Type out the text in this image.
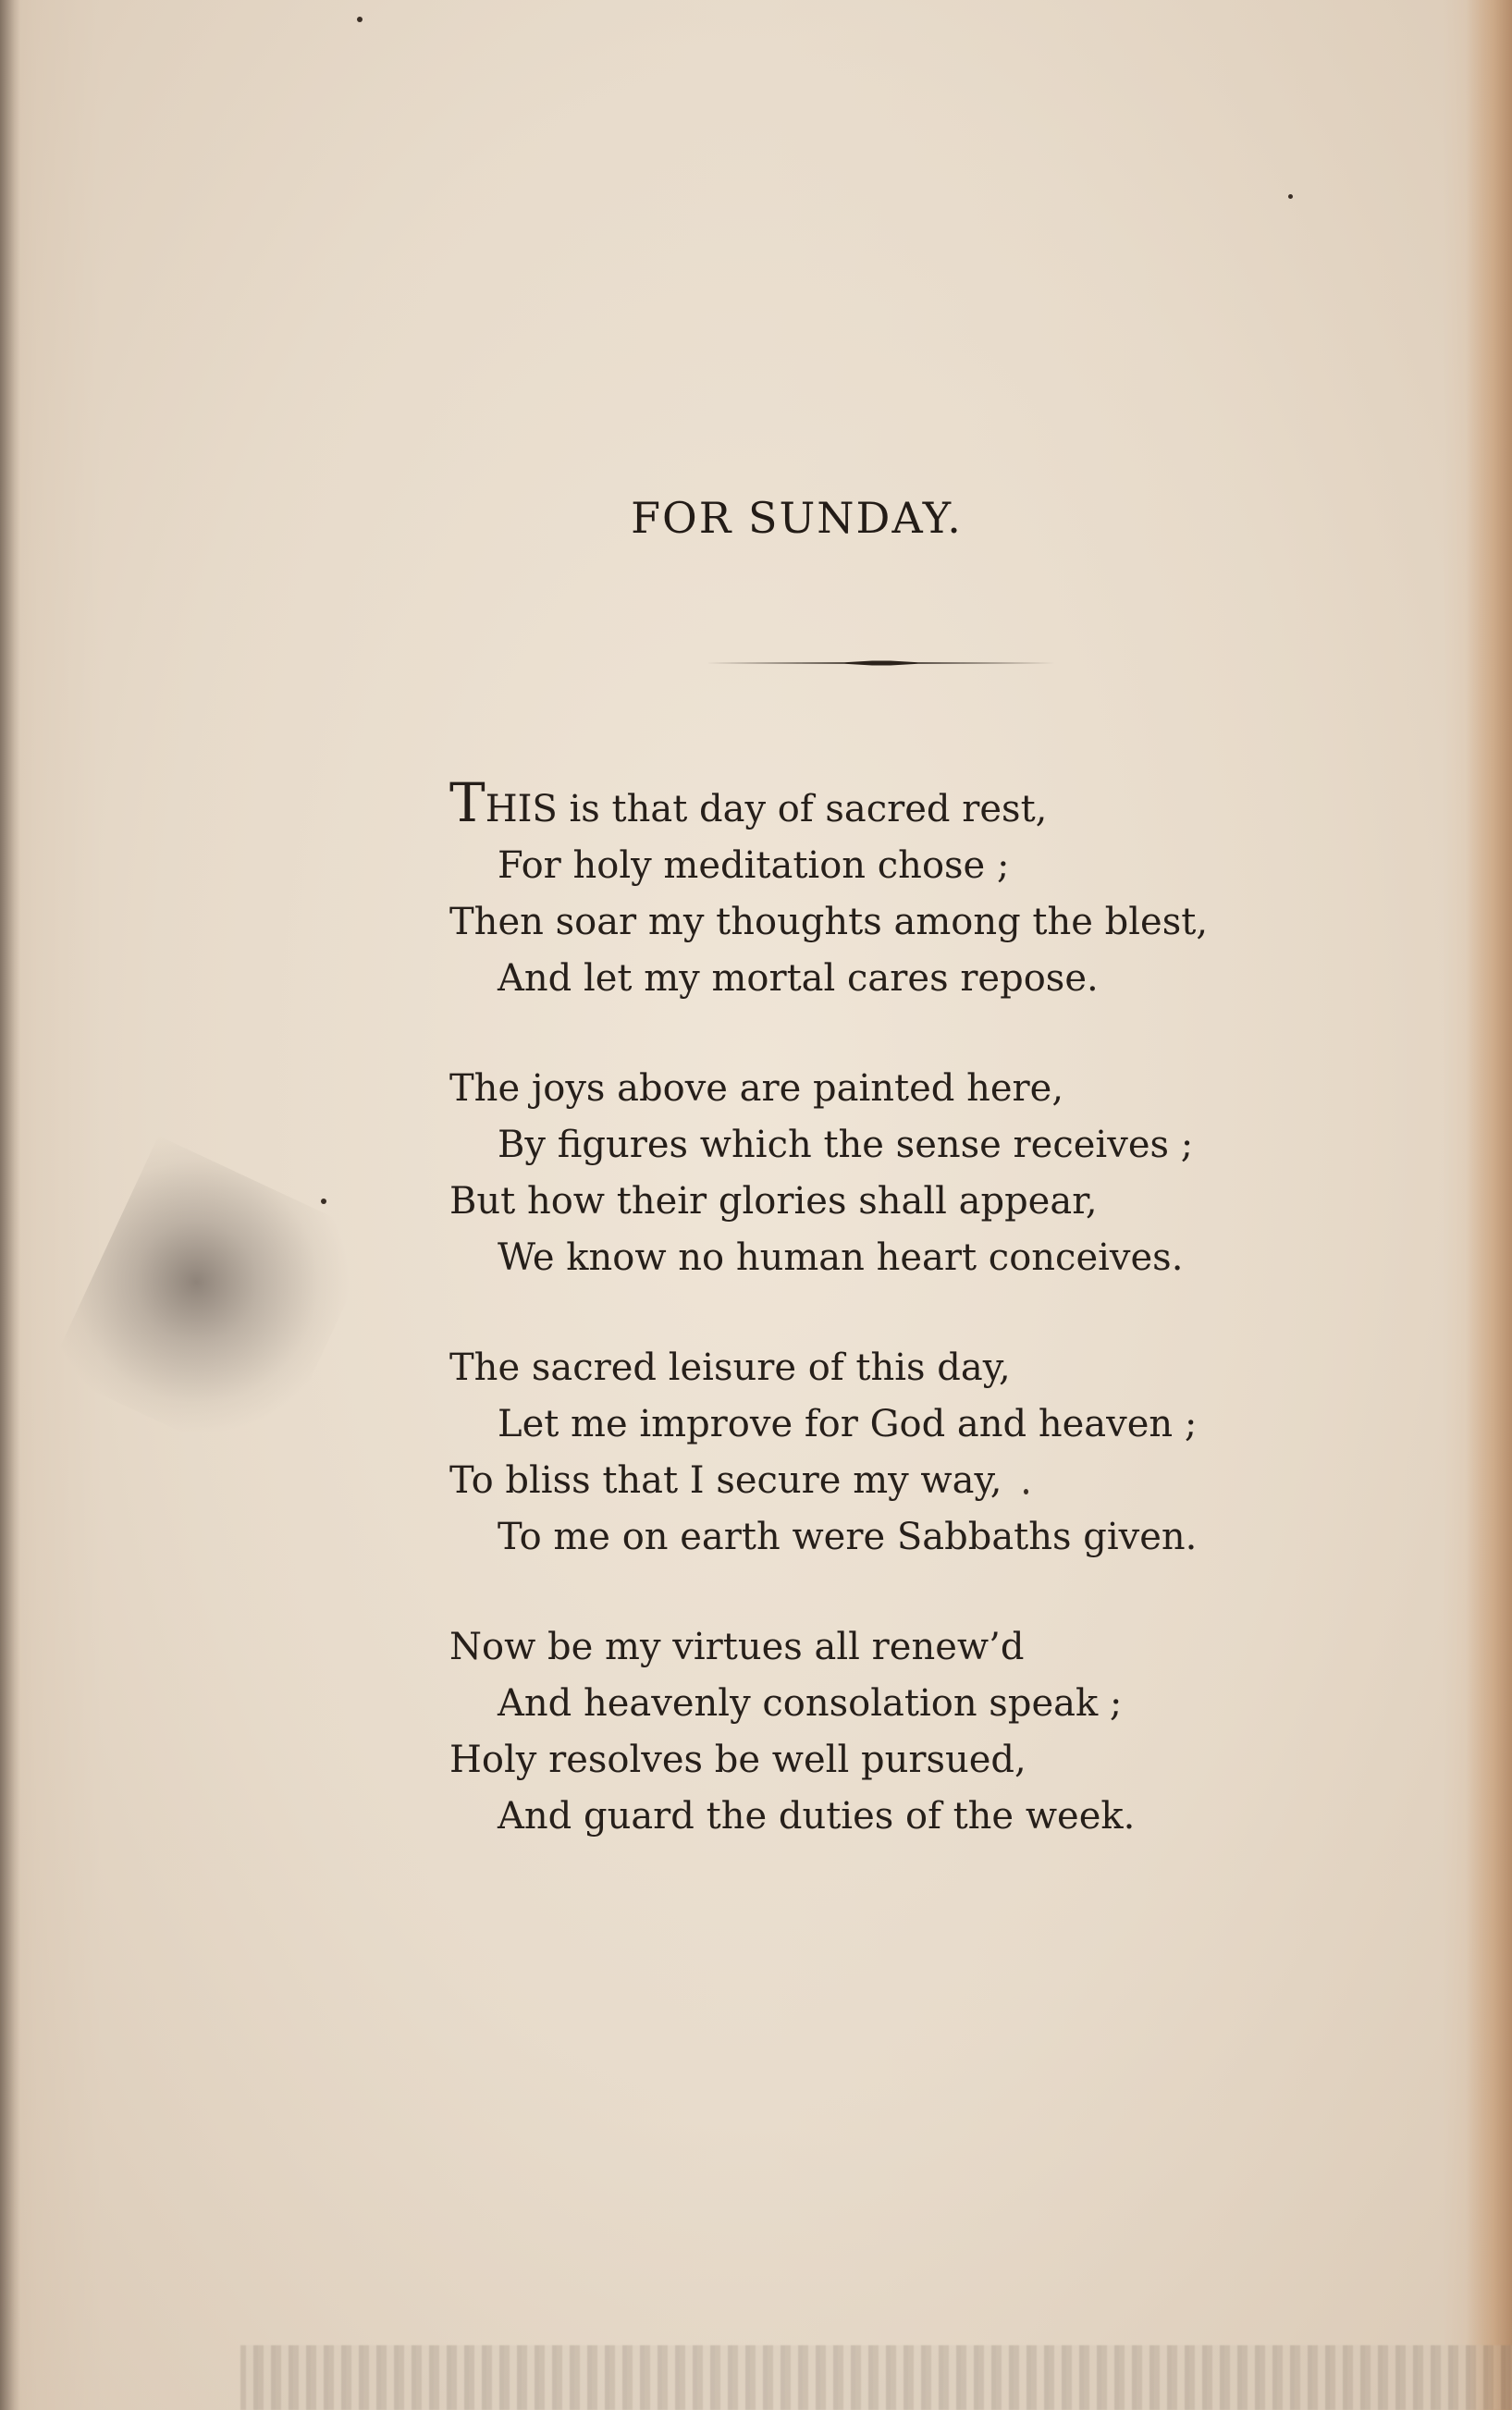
FOR SUNDAY.
THIS is that day of sacred rest,
For holy meditation chose ;
Then soar my thoughts among the blest,
And let my mortal cares repose.
The joys above are painted here,
By figures which the sense receives ;
But how their glories shall appear,
We know no human heart conceives.
The sacred leisure of this day,
Let me improve for God and heaven ;
To bliss that I secure my way,
To me on earth were Sabbaths given.
Now be my virtues all renew’d
And heavenly consolation speak ;
Holy resolves be well pursued,
And guard the duties of the week.
